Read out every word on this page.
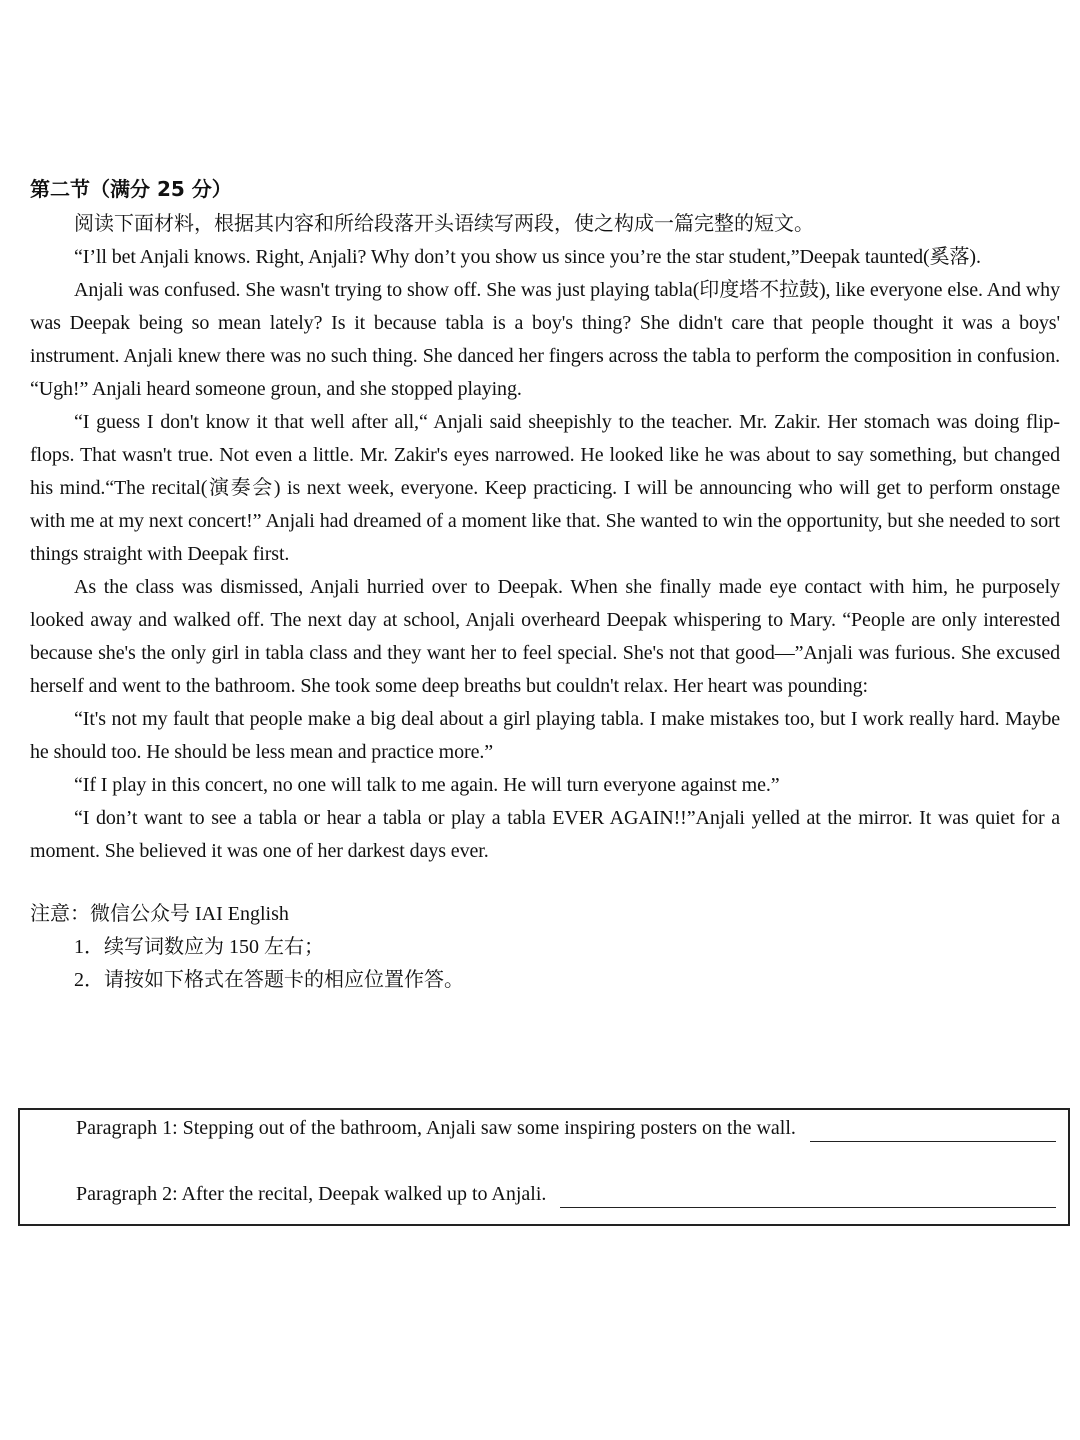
第二节（满分 25 分）

阅读下面材料，根据其内容和所给段落开头语续写两段，使之构成一篇完整的短文。

“I’ll bet Anjali knows. Right, Anjali? Why don’t you show us since you’re the star student,”Deepak taunted(奚落).

Anjali was confused. She wasn't trying to show off. She was just playing tabla(印度塔不拉鼓), like everyone else. And why was Deepak being so mean lately? Is it because tabla is a boy's thing? She didn't care that people thought it was a boys' instrument. Anjali knew there was no such thing. She danced her fingers across the tabla to perform the composition in confusion. “Ugh!” Anjali heard someone groun, and she stopped playing.

“I guess I don't know it that well after all,“ Anjali said sheepishly to the teacher. Mr. Zakir. Her stomach was doing flip-flops. That wasn't true. Not even a little. Mr. Zakir's eyes narrowed. He looked like he was about to say something, but changed his mind.“The recital(演奏会) is next week, everyone. Keep practicing. I will be announcing who will get to perform onstage with me at my next concert!” Anjali had dreamed of a moment like that. She wanted to win the opportunity, but she needed to sort things straight with Deepak first.

As the class was dismissed, Anjali hurried over to Deepak. When she finally made eye contact with him, he purposely looked away and walked off. The next day at school, Anjali overheard Deepak whispering to Mary. “People are only interested because she's the only girl in tabla class and they want her to feel special. She's not that good—”Anjali was furious. She excused herself and went to the bathroom. She took some deep breaths but couldn't relax. Her heart was pounding:

“It's not my fault that people make a big deal about a girl playing tabla. I make mistakes too, but I work really hard. Maybe he should too. He should be less mean and practice more.”

“If I play in this concert, no one will talk to me again. He will turn everyone against me.”

“I don’t want to see a tabla or hear a tabla or play a tabla EVER AGAIN!!”Anjali yelled at the mirror. It was quiet for a moment. She believed it was one of her darkest days ever.

注意：微信公众号 IAI English
1．续写词数应为 150 左右；
2．请按如下格式在答题卡的相应位置作答。
Paragraph 1: Stepping out of the bathroom, Anjali saw some inspiring posters on the wall.
Paragraph 2: After the recital, Deepak walked up to Anjali.
